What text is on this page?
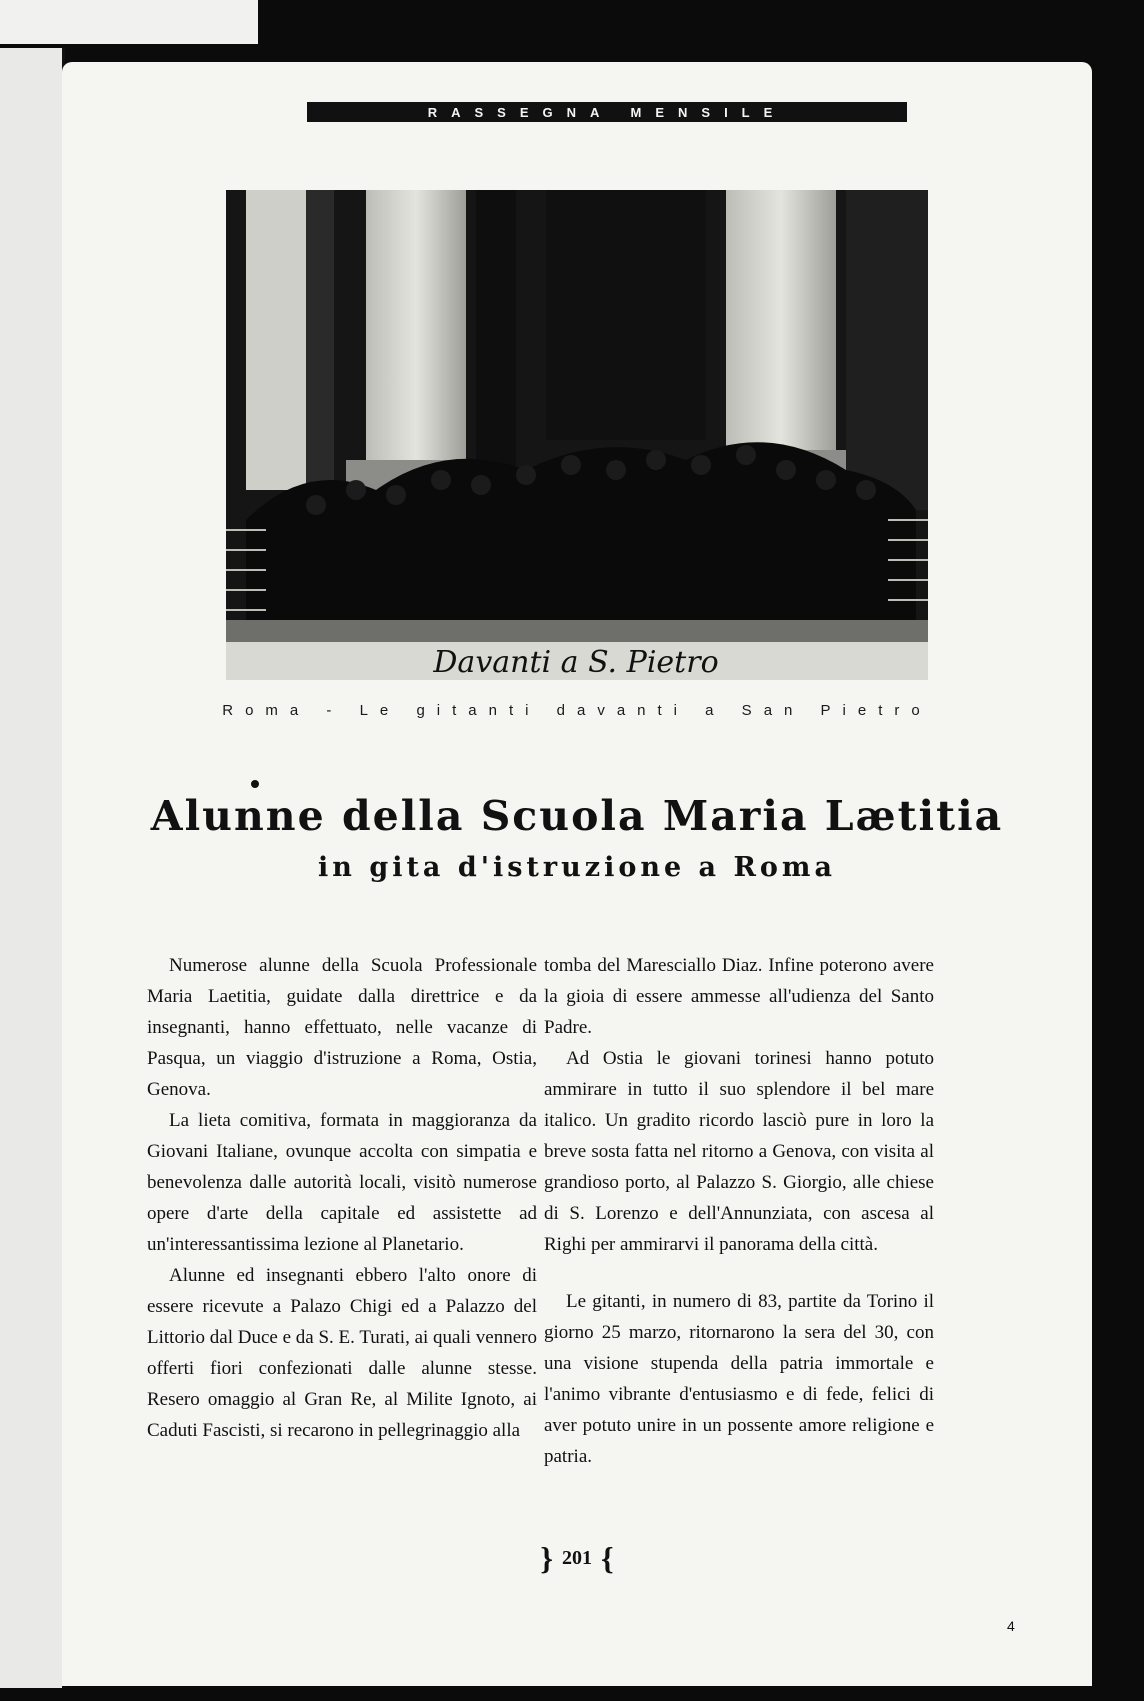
RASSEGNA MENSILE
Davanti a S. Pietro
Roma - Le gitanti davanti a San Pietro
Alunne della Scuola Maria Lætitia
in gita d'istruzione a Roma

Numerose alunne della Scuola Professionale Maria Laetitia, guidate dalla direttrice e da insegnanti, hanno effettuato, nelle vacanze di Pasqua, un viaggio d'istruzione a Roma, Ostia, Genova.

La lieta comitiva, formata in maggioranza da Giovani Italiane, ovunque accolta con simpatia e benevolenza dalle autorità locali, visitò numerose opere d'arte della capitale ed assistette ad un'interessantissima lezione al Planetario.

Alunne ed insegnanti ebbero l'alto onore di essere ricevute a Palazo Chigi ed a Palazzo del Littorio dal Duce e da S. E. Turati, ai quali vennero offerti fiori confezionati dalle alunne stesse. Resero omaggio al Gran Re, al Milite Ignoto, ai Caduti Fascisti, si recarono in pellegrinaggio alla

tomba del Maresciallo Diaz. Infine poterono avere la gioia di essere ammesse all'udienza del Santo Padre.

Ad Ostia le giovani torinesi hanno potuto ammirare in tutto il suo splendore il bel mare italico. Un gradito ricordo lasciò pure in loro la breve sosta fatta nel ritorno a Genova, con visita al grandioso porto, al Palazzo S. Giorgio, alle chiese di S. Lorenzo e dell'Annunziata, con ascesa al Righi per ammirarvi il panorama della città.

Le gitanti, in numero di 83, partite da Torino il giorno 25 marzo, ritornarono la sera del 30, con una visione stupenda della patria immortale e l'animo vibrante d'entusiasmo e di fede, felici di aver potuto unire in un possente amore religione e patria.

} 201 {
4
